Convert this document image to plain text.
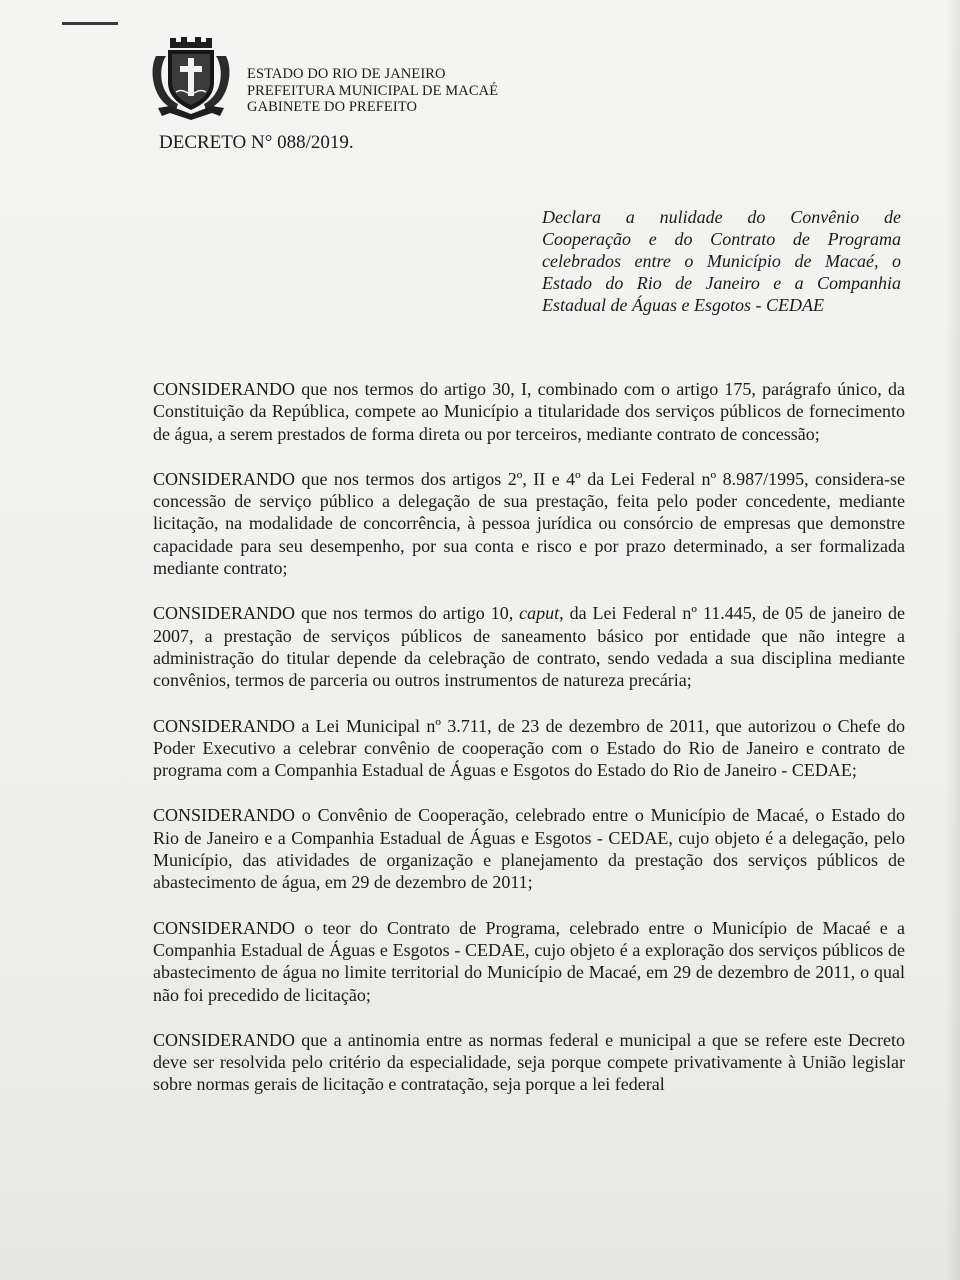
ESTADO DO RIO DE JANEIRO
PREFEITURA MUNICIPAL DE MACAÉ
GABINETE DO PREFEITO
DECRETO N° 088/2019.
Declara a nulidade do Convênio de
Cooperação e do Contrato de Programa
celebrados entre o Município de Macaé, o
Estado do Rio de Janeiro e a Companhia
Estadual de Águas e Esgotos - CEDAE

CONSIDERANDO que nos termos do artigo 30, I, combinado com o artigo 175, parágrafo único, da Constituição da República, compete ao Município a titularidade dos serviços públicos de fornecimento de água, a serem prestados de forma direta ou por terceiros, mediante contrato de concessão;

CONSIDERANDO que nos termos dos artigos 2º, II e 4º da Lei Federal nº 8.987/1995, considera-se concessão de serviço público a delegação de sua prestação, feita pelo poder concedente, mediante licitação, na modalidade de concorrência, à pessoa jurídica ou consórcio de empresas que demonstre capacidade para seu desempenho, por sua conta e risco e por prazo determinado, a ser formalizada mediante contrato;

CONSIDERANDO que nos termos do artigo 10, caput, da Lei Federal nº 11.445, de 05 de janeiro de 2007, a prestação de serviços públicos de saneamento básico por entidade que não integre a administração do titular depende da celebração de contrato, sendo vedada a sua disciplina mediante convênios, termos de parceria ou outros instrumentos de natureza precária;

CONSIDERANDO a Lei Municipal nº 3.711, de 23 de dezembro de 2011, que autorizou o Chefe do Poder Executivo a celebrar convênio de cooperação com o Estado do Rio de Janeiro e contrato de programa com a Companhia Estadual de Águas e Esgotos do Estado do Rio de Janeiro - CEDAE;

CONSIDERANDO o Convênio de Cooperação, celebrado entre o Município de Macaé, o Estado do Rio de Janeiro e a Companhia Estadual de Águas e Esgotos - CEDAE, cujo objeto é a delegação, pelo Município, das atividades de organização e planejamento da prestação dos serviços públicos de abastecimento de água, em 29 de dezembro de 2011;

CONSIDERANDO o teor do Contrato de Programa, celebrado entre o Município de Macaé e a Companhia Estadual de Águas e Esgotos - CEDAE, cujo objeto é a exploração dos serviços públicos de abastecimento de água no limite territorial do Município de Macaé, em 29 de dezembro de 2011, o qual não foi precedido de licitação;

CONSIDERANDO que a antinomia entre as normas federal e municipal a que se refere este Decreto deve ser resolvida pelo critério da especialidade, seja porque compete privativamente à União legislar sobre normas gerais de licitação e contratação, seja porque a lei federal
